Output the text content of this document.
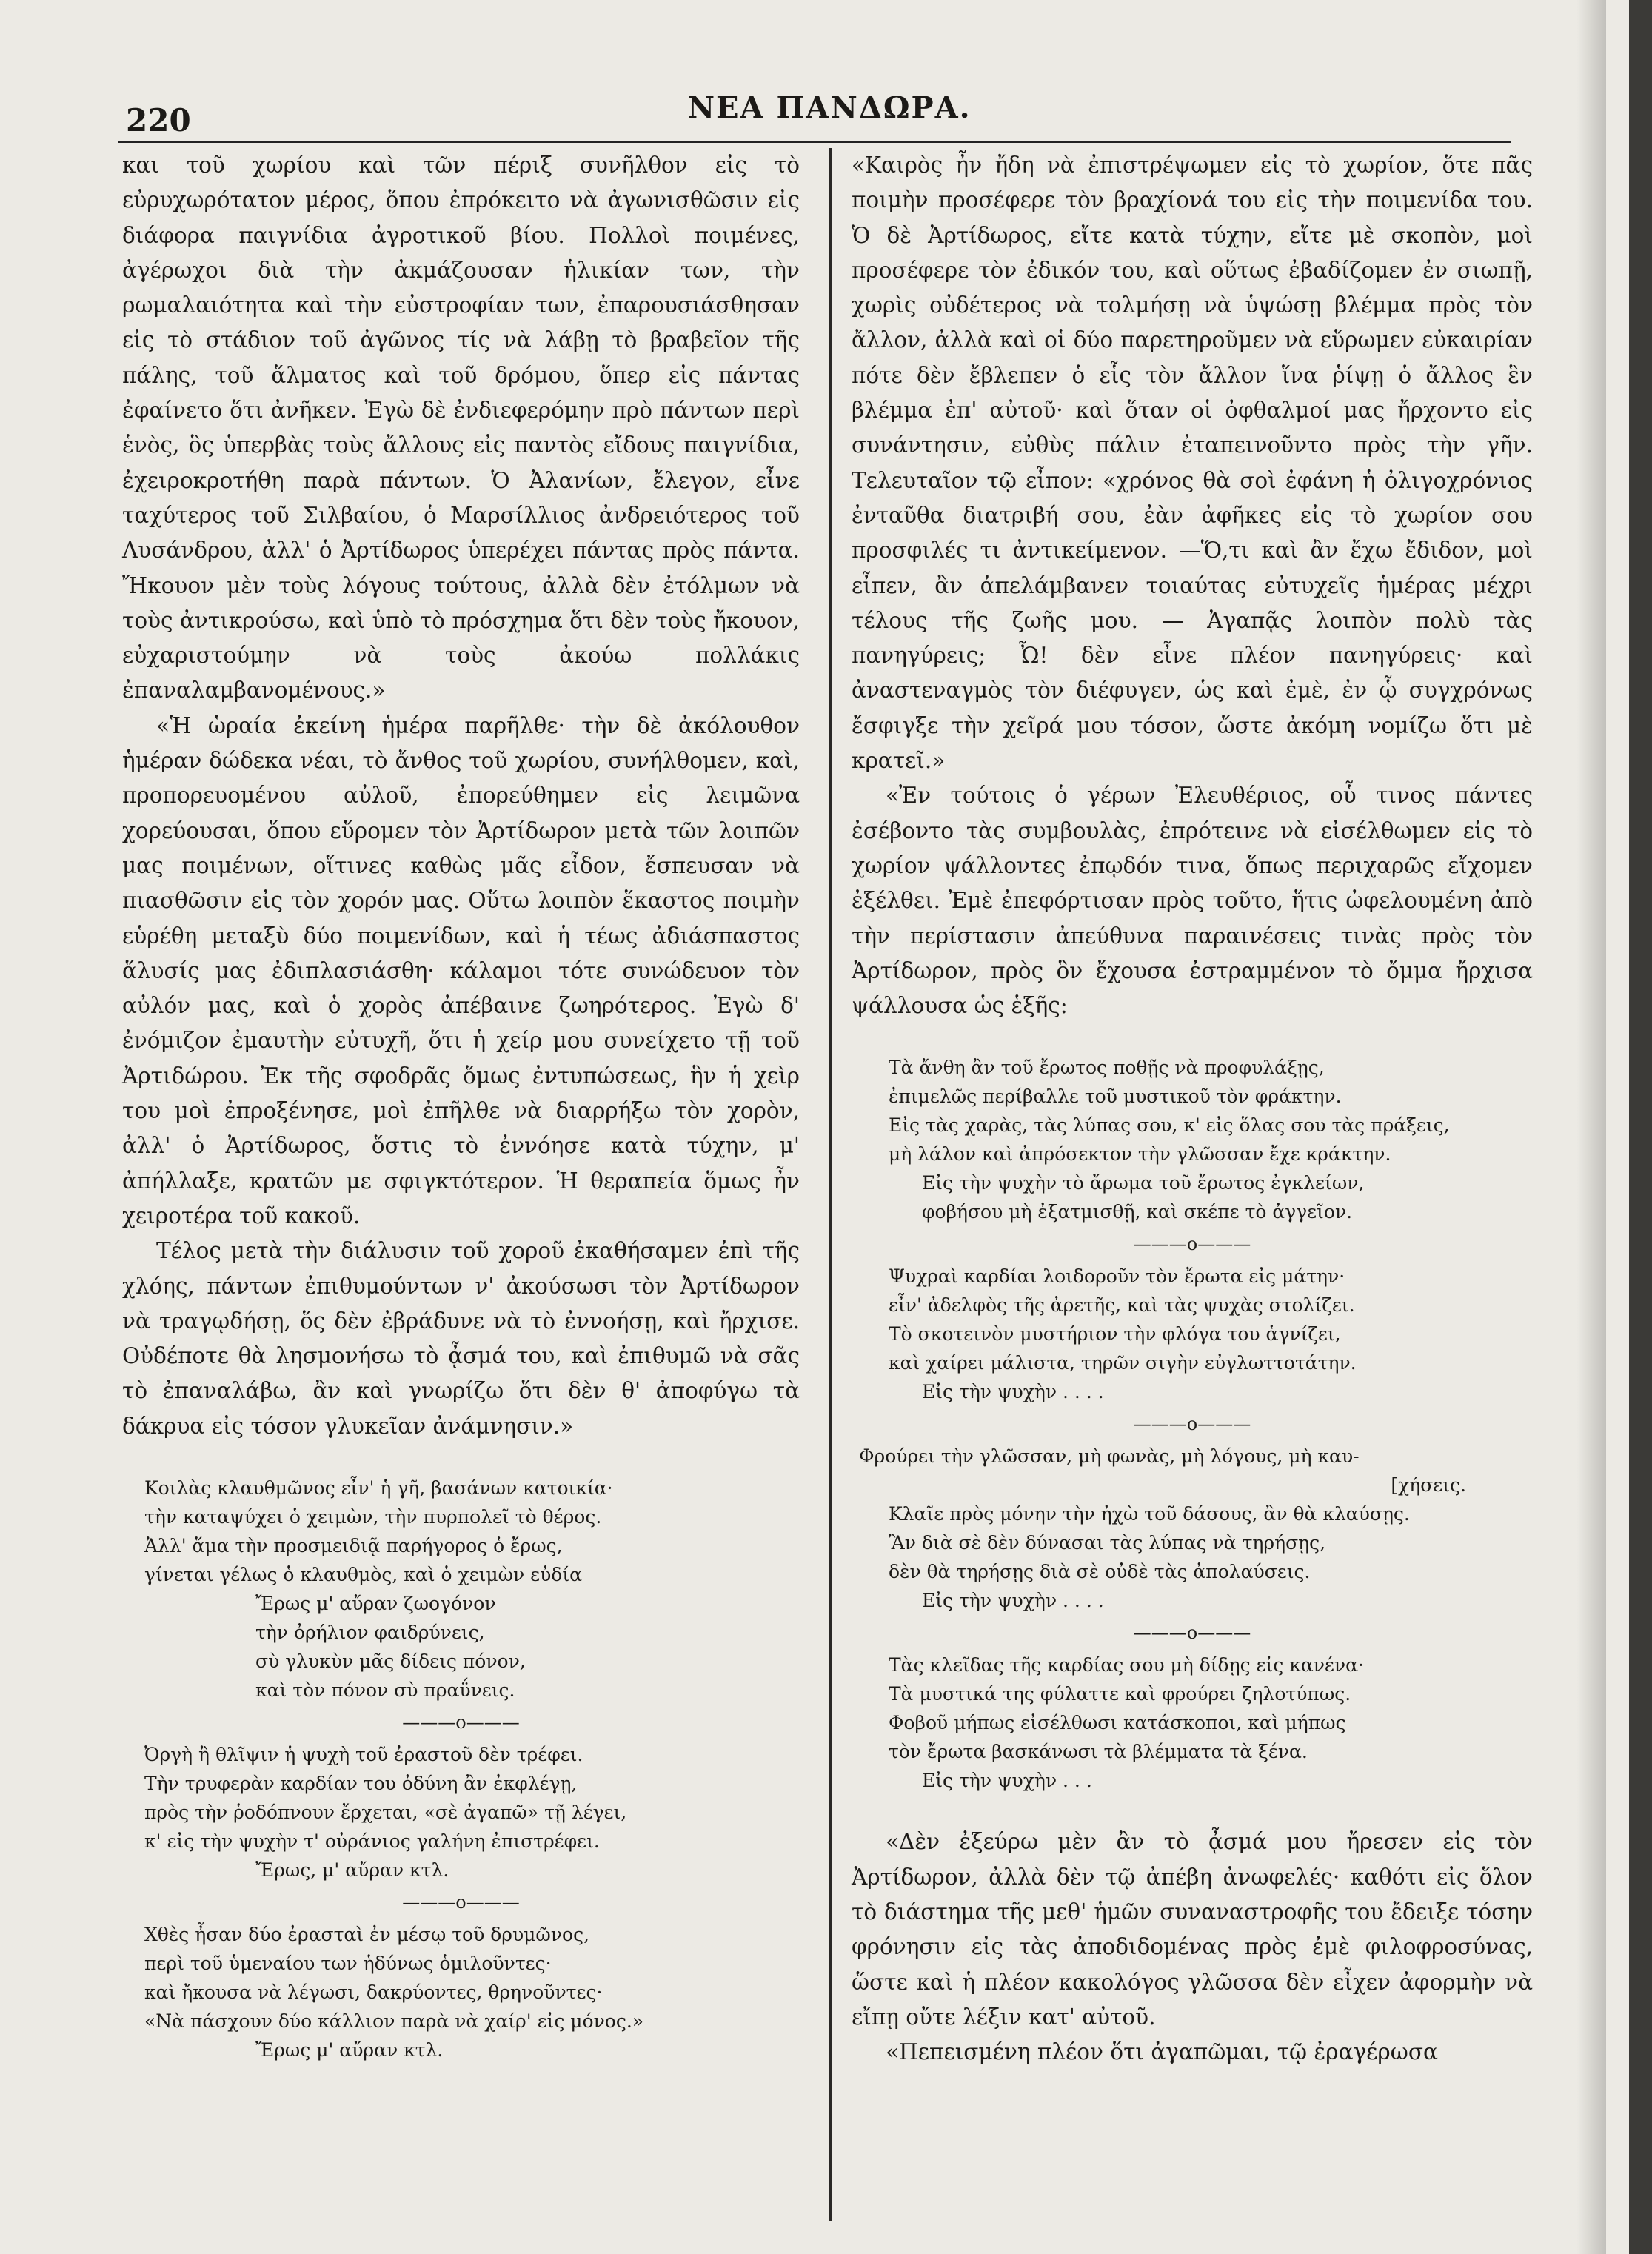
220	ΝΕΑ ΠΑΝΔΩΡΑ.

και τοῦ χωρίου καὶ τῶν πέριξ συνῆλθον εἰς τὸ εὐρυχωρότατον μέρος, ὅπου ἐπρόκειτο νὰ ἀγωνισθῶσιν εἰς διάφορα παιγνίδια ἀγροτικοῦ βίου. Πολλοὶ ποιμένες, ἀγέρωχοι διὰ τὴν ἀκμάζουσαν ἡλικίαν των, τὴν ρωμαλαιότητα καὶ τὴν εὐστροφίαν των, ἐπαρουσιάσθησαν εἰς τὸ στάδιον τοῦ ἀγῶνος τίς νὰ λάβῃ τὸ βραβεῖον τῆς πάλης, τοῦ ἅλματος καὶ τοῦ δρόμου, ὅπερ εἰς πάντας ἐφαίνετο ὅτι ἀνῆκεν. Ἐγὼ δὲ ἐνδιεφερόμην πρὸ πάντων περὶ ἑνὸς, ὃς ὑπερβὰς τοὺς ἄλλους εἰς παντὸς εἴδους παιγνίδια, ἐχειροκροτήθη παρὰ πάντων. Ὁ Ἀλανίων, ἔλεγον, εἶνε ταχύτερος τοῦ Σιλβαίου, ὁ Μαρσίλλιος ἀνδρειότερος τοῦ Λυσάνδρου, ἀλλ' ὁ Ἀρτίδωρος ὑπερέχει πάντας πρὸς πάντα. Ἤκουον μὲν τοὺς λόγους τούτους, ἀλλὰ δὲν ἐτόλμων νὰ τοὺς ἀντικρούσω, καὶ ὑπὸ τὸ πρόσχημα ὅτι δὲν τοὺς ἤκουον, εὐχαριστούμην νὰ τοὺς ἀκούω πολλάκις ἐπαναλαμβανομένους.»

«Ἡ ὡραία ἐκείνη ἡμέρα παρῆλθε· τὴν δὲ ἀκόλουθον ἡμέραν δώδεκα νέαι, τὸ ἄνθος τοῦ χωρίου, συνήλθομεν, καὶ, προπορευομένου αὐλοῦ, ἐπορεύθημεν εἰς λειμῶνα χορεύουσαι, ὅπου εὕρομεν τὸν Ἀρτίδωρον μετὰ τῶν λοιπῶν μας ποιμένων, οἵτινες καθὼς μᾶς εἶδον, ἔσπευσαν νὰ πιασθῶσιν εἰς τὸν χορόν μας. Οὕτω λοιπὸν ἕκαστος ποιμὴν εὑρέθη μεταξὺ δύο ποιμενίδων, καὶ ἡ τέως ἀδιάσπαστος ἅλυσίς μας ἐδιπλασιάσθη· κάλαμοι τότε συνώδευον τὸν αὐλόν μας, καὶ ὁ χορὸς ἀπέβαινε ζωηρότερος. Ἐγὼ δ' ἐνόμιζον ἐμαυτὴν εὐτυχῆ, ὅτι ἡ χείρ μου συνείχετο τῇ τοῦ Ἀρτιδώρου. Ἐκ τῆς σφοδρᾶς ὅμως ἐντυπώσεως, ἣν ἡ χεὶρ του μοὶ ἐπροξένησε, μοὶ ἐπῆλθε νὰ διαρρήξω τὸν χορὸν, ἀλλ' ὁ Ἀρτίδωρος, ὅστις τὸ ἐννόησε κατὰ τύχην, μ' ἀπήλλαξε, κρατῶν με σφιγκτότερον. Ἡ θεραπεία ὅμως ἦν χειροτέρα τοῦ κακοῦ.

Τέλος μετὰ τὴν διάλυσιν τοῦ χοροῦ ἐκαθήσαμεν ἐπὶ τῆς χλόης, πάντων ἐπιθυμούντων ν' ἀκούσωσι τὸν Ἀρτίδωρον νὰ τραγῳδήσῃ, ὅς δὲν ἐβράδυνε νὰ τὸ ἐννοήσῃ, καὶ ἤρχισε. Οὐδέποτε θὰ λησμονήσω τὸ ᾆσμά του, καὶ ἐπιθυμῶ νὰ σᾶς τὸ ἐπαναλάβω, ἂν καὶ γνωρίζω ὅτι δὲν θ' ἀποφύγω τὰ δάκρυα εἰς τόσον γλυκεῖαν ἀνάμνησιν.»

Κοιλὰς κλαυθμῶνος εἶν' ἡ γῆ, βασάνων κατοικία·
τὴν καταψύχει ὁ χειμὼν, τὴν πυρπολεῖ τὸ θέρος.
Ἀλλ' ἅμα τὴν προσμειδιᾷ παρήγορος ὁ ἔρως,
γίνεται γέλως ὁ κλαυθμὸς, καὶ ὁ χειμὼν εὐδία
Ἔρως μ' αὔραν ζωογόνον
τὴν ὀρήλιον φαιδρύνεις,
σὺ γλυκὺν μᾶς δίδεις πόνον,
καὶ τὸν πόνον σὺ πραΰνεις.
———o———
Ὀργὴ ἢ θλῖψιν ἡ ψυχὴ τοῦ ἐραστοῦ δὲν τρέφει.
Τὴν τρυφερὰν καρδίαν του ὀδύνη ἂν ἐκφλέγῃ,
πρὸς τὴν ῥοδόπνουν ἔρχεται, «σὲ ἀγαπῶ» τῇ λέγει,
κ' εἰς τὴν ψυχὴν τ' οὐράνιος γαλήνη ἐπιστρέφει.
Ἔρως, μ' αὔραν κτλ.
———o———
Χθὲς ἦσαν δύο ἐρασταὶ ἐν μέσῳ τοῦ δρυμῶνος,
περὶ τοῦ ὑμεναίου των ἡδύνως ὁμιλοῦντες·
καὶ ἤκουσα νὰ λέγωσι, δακρύοντες, θρηνοῦντες·
«Νὰ πάσχουν δύο κάλλιον παρὰ νὰ χαίρ' εἰς μόνος.»
Ἔρως μ' αὔραν κτλ.

«Καιρὸς ἦν ἤδη νὰ ἐπιστρέψωμεν εἰς τὸ χωρίον, ὅτε πᾶς ποιμὴν προσέφερε τὸν βραχίονά του εἰς τὴν ποιμενίδα του. Ὁ δὲ Ἀρτίδωρος, εἴτε κατὰ τύχην, εἴτε μὲ σκοπὸν, μοὶ προσέφερε τὸν ἐδικόν του, καὶ οὕτως ἐβαδίζομεν ἐν σιωπῇ, χωρὶς οὐδέτερος νὰ τολμήσῃ νὰ ὑψώσῃ βλέμμα πρὸς τὸν ἄλλον, ἀλλὰ καὶ οἱ δύο παρετηροῦμεν νὰ εὕρωμεν εὐκαιρίαν πότε δὲν ἔβλεπεν ὁ εἷς τὸν ἄλλον ἵνα ῥίψῃ ὁ ἄλλος ἓν βλέμμα ἐπ' αὐτοῦ· καὶ ὅταν οἱ ὀφθαλμοί μας ἤρχοντο εἰς συνάντησιν, εὐθὺς πάλιν ἐταπεινοῦντο πρὸς τὴν γῆν. Τελευταῖον τῷ εἶπον: «χρόνος θὰ σοὶ ἐφάνη ἡ ὀλιγοχρόνιος ἐνταῦθα διατριβή σου, ἐὰν ἀφῆκες εἰς τὸ χωρίον σου προσφιλές τι ἀντικείμενον. —Ὅ,τι καὶ ἂν ἔχω ἔδιδον, μοὶ εἶπεν, ἂν ἀπελάμβανεν τοιαύτας εὐτυχεῖς ἡμέρας μέχρι τέλους τῆς ζωῆς μου. — Ἀγαπᾷς λοιπὸν πολὺ τὰς πανηγύρεις; Ὦ! δὲν εἶνε πλέον πανηγύρεις· καὶ ἀναστεναγμὸς τὸν διέφυγεν, ὡς καὶ ἐμὲ, ἐν ᾧ συγχρόνως ἔσφιγξε τὴν χεῖρά μου τόσον, ὥστε ἀκόμη νομίζω ὅτι μὲ κρατεῖ.»

«Ἐν τούτοις ὁ γέρων Ἐλευθέριος, οὗ τινος πάντες ἐσέβοντο τὰς συμβουλὰς, ἐπρότεινε νὰ εἰσέλθωμεν εἰς τὸ χωρίον ψάλλοντες ἐπῳδόν τινα, ὅπως περιχαρῶς εἴχομεν ἐξέλθει. Ἐμὲ ἐπεφόρτισαν πρὸς τοῦτο, ἥτις ὠφελουμένη ἀπὸ τὴν περίστασιν ἀπεύθυνα παραινέσεις τινὰς πρὸς τὸν Ἀρτίδωρον, πρὸς ὃν ἔχουσα ἐστραμμένον τὸ ὄμμα ἤρχισα ψάλλουσα ὡς ἑξῆς:

Τὰ ἄνθη ἂν τοῦ ἔρωτος ποθῇς νὰ προφυλάξῃς,
ἐπιμελῶς περίβαλλε τοῦ μυστικοῦ τὸν φράκτην.
Εἰς τὰς χαρὰς, τὰς λύπας σου, κ' εἰς ὅλας σου τὰς πράξεις,
μὴ λάλον καὶ ἀπρόσεκτον τὴν γλῶσσαν ἔχε κράκτην.
Εἰς τὴν ψυχὴν τὸ ἄρωμα τοῦ ἔρωτος ἐγκλείων,
φοβήσου μὴ ἐξατμισθῇ, καὶ σκέπε τὸ ἀγγεῖον.
———o———
Ψυχραὶ καρδίαι λοιδοροῦν τὸν ἔρωτα εἰς μάτην·
εἶν' ἀδελφὸς τῆς ἀρετῆς, καὶ τὰς ψυχὰς στολίζει.
Τὸ σκοτεινὸν μυστήριον τὴν φλόγα του ἁγνίζει,
καὶ χαίρει μάλιστα, τηρῶν σιγὴν εὐγλωττοτάτην.
Εἰς τὴν ψυχὴν . . . .
———o———
Φρούρει τὴν γλῶσσαν, μὴ φωνὰς, μὴ λόγους, μὴ καυ-
[χήσεις.
Κλαῖε πρὸς μόνην τὴν ἠχὼ τοῦ δάσους, ἂν θὰ κλαύσῃς.
Ἂν διὰ σὲ δὲν δύνασαι τὰς λύπας νὰ τηρήσῃς,
δὲν θὰ τηρήσῃς διὰ σὲ οὐδὲ τὰς ἀπολαύσεις.
Εἰς τὴν ψυχὴν . . . .
———o———
Τὰς κλεῖδας τῆς καρδίας σου μὴ δίδῃς εἰς κανένα·
Τὰ μυστικά της φύλαττε καὶ φρούρει ζηλοτύπως.
Φοβοῦ μήπως εἰσέλθωσι κατάσκοποι, καὶ μήπως
τὸν ἔρωτα βασκάνωσι τὰ βλέμματα τὰ ξένα.
Εἰς τὴν ψυχὴν . . .

«Δὲν ἐξεύρω μὲν ἂν τὸ ᾆσμά μου ἤρεσεν εἰς τὸν Ἀρτίδωρον, ἀλλὰ δὲν τῷ ἀπέβη ἀνωφελές· καθότι εἰς ὅλον τὸ διάστημα τῆς μεθ' ἡμῶν συναναστροφῆς του ἔδειξε τόσην φρόνησιν εἰς τὰς ἀποδιδομένας πρὸς ἐμὲ φιλοφροσύνας, ὥστε καὶ ἡ πλέον κακολόγος γλῶσσα δὲν εἶχεν ἀφορμὴν νὰ εἴπῃ οὔτε λέξιν κατ' αὐτοῦ.

«Πεπεισμένη πλέον ὅτι ἀγαπῶμαι, τῷ ἐραγέρωσα
